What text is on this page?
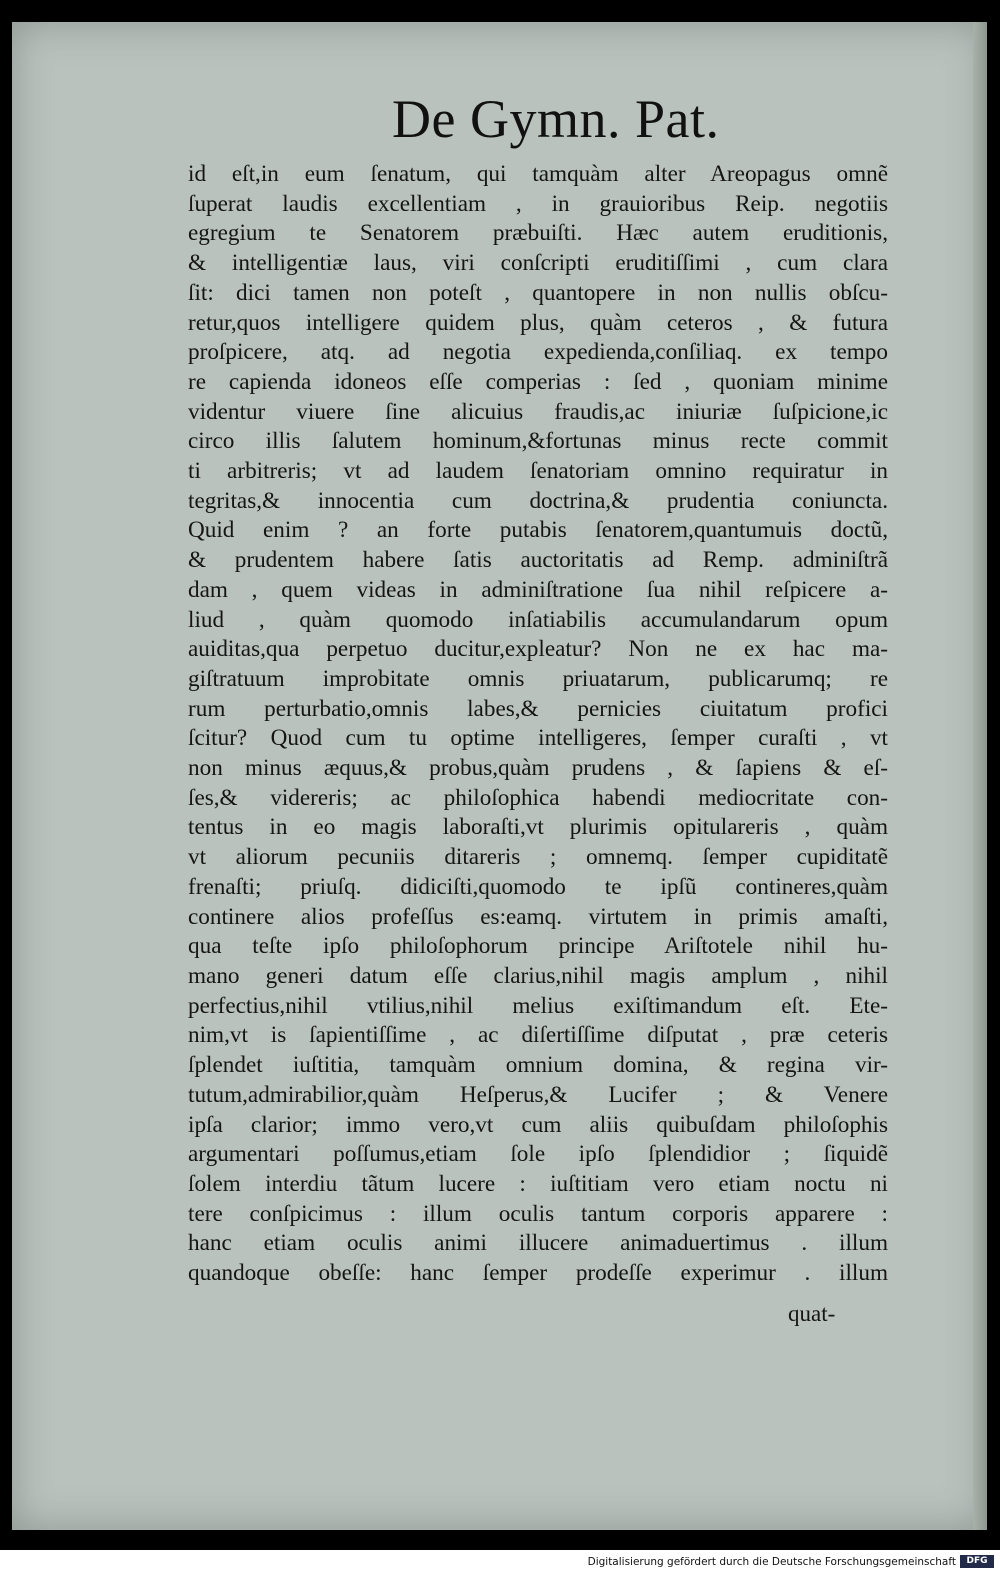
De Gymn. Pat.
id eſt,in eum ſenatum, qui tamquàm alter Areopagus omnẽ
ſuperat laudis excellentiam , in grauioribus Reip. negotiis
egregium te Senatorem præbuiſti. Hæc autem eruditionis,
& intelligentiæ laus, viri conſcripti eruditiſſimi , cum clara
ſit: dici tamen non poteſt , quantopere in non nullis obſcu-
retur,quos intelligere quidem plus, quàm ceteros , & futura
proſpicere, atq. ad negotia expedienda,conſiliaq. ex tempo
re capienda idoneos eſſe comperias : ſed , quoniam minime
videntur viuere ſine alicuius fraudis,ac iniuriæ ſuſpicione,ic
circo illis ſalutem hominum,&fortunas minus recte commit
ti arbitreris; vt ad laudem ſenatoriam omnino requiratur in
tegritas,& innocentia cum doctrina,& prudentia coniuncta.
Quid enim ? an forte putabis ſenatorem,quantumuis doctũ,
& prudentem habere ſatis auctoritatis ad Remp. adminiſtrã
dam , quem videas in adminiſtratione ſua nihil reſpicere a-
liud , quàm quomodo inſatiabilis accumulandarum opum
auiditas,qua perpetuo ducitur,expleatur? Non ne ex hac ma-
giſtratuum improbitate omnis priuatarum, publicarumq; re
rum perturbatio,omnis labes,& pernicies ciuitatum profici
ſcitur? Quod cum tu optime intelligeres, ſemper curaſti , vt
non minus æquus,& probus,quàm prudens , & ſapiens & eſ-
ſes,& videreris; ac philoſophica habendi mediocritate con-
tentus in eo magis laboraſti,vt plurimis opitulareris , quàm
vt aliorum pecuniis ditareris ; omnemq. ſemper cupiditatẽ
frenaſti; priuſq. didiciſti,quomodo te ipſũ contineres,quàm
continere alios profeſſus es:eamq. virtutem in primis amaſti,
qua teſte ipſo philoſophorum principe Ariſtotele nihil hu-
mano generi datum eſſe clarius,nihil magis amplum , nihil
perfectius,nihil vtilius,nihil melius exiſtimandum eſt. Ete-
nim,vt is ſapientiſſime , ac diſertiſſime diſputat , præ ceteris
ſplendet iuſtitia, tamquàm omnium domina, & regina vir-
tutum,admirabilior,quàm Heſperus,& Lucifer ; & Venere
ipſa clarior; immo vero,vt cum aliis quibuſdam philoſophis
argumentari poſſumus,etiam ſole ipſo ſplendidior ; ſiquidẽ
ſolem interdiu tãtum lucere : iuſtitiam vero etiam noctu ni
tere conſpicimus : illum oculis tantum corporis apparere :
hanc etiam oculis animi illucere animaduertimus . illum
quandoque obeſſe: hanc ſemper prodeſſe experimur . illum
quat-
Digitalisierung gefördert durch die Deutsche Forschungsgemeinschaft	DFG
